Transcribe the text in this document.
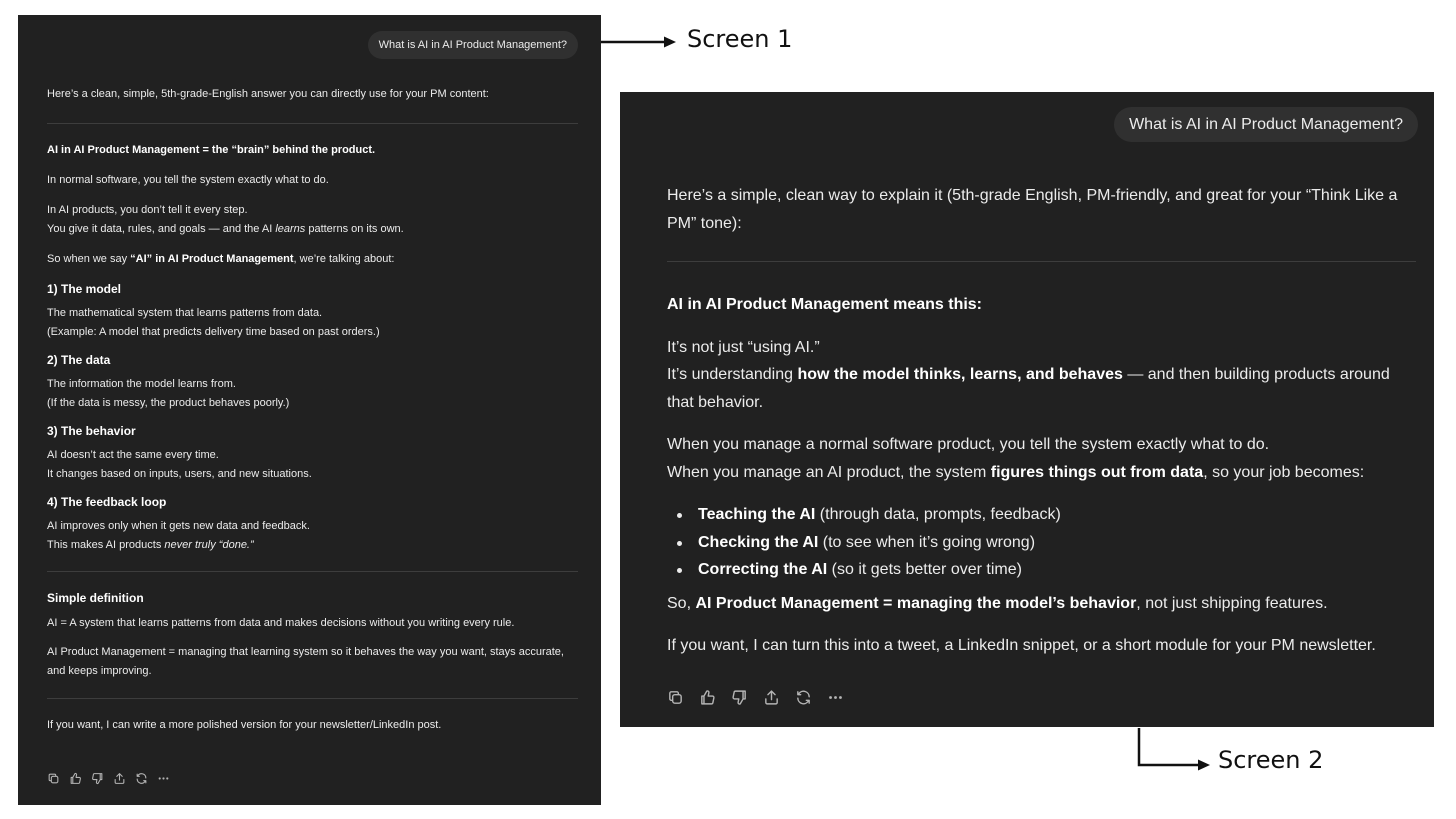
What is AI in AI Product Management?

Here’s a clean, simple, 5th-grade-English answer you can directly use for your PM content:

AI in AI Product Management = the “brain” behind the product.

In normal software, you tell the system exactly what to do.

In AI products, you don’t tell it every step.
You give it data, rules, and goals — and the AI learns patterns on its own.

So when we say “AI” in AI Product Management, we’re talking about:

1) The model

The mathematical system that learns patterns from data.

(Example: A model that predicts delivery time based on past orders.)

2) The data

The information the model learns from.

(If the data is messy, the product behaves poorly.)

3) The behavior

AI doesn’t act the same every time.

It changes based on inputs, users, and new situations.

4) The feedback loop

AI improves only when it gets new data and feedback.

This makes AI products never truly “done.”

Simple definition

AI = A system that learns patterns from data and makes decisions without you writing every rule.

AI Product Management = managing that learning system so it behaves the way you want, stays accurate, and keeps improving.

If you want, I can write a more polished version for your newsletter/LinkedIn post.

What is AI in AI Product Management?

Here’s a simple, clean way to explain it (5th-grade English, PM-friendly, and great for your “Think Like a PM” tone):

AI in AI Product Management means this:

It’s not just “using AI.”
It’s understanding how the model thinks, learns, and behaves — and then building products around that behavior.

When you manage a normal software product, you tell the system exactly what to do.
When you manage an AI product, the system figures things out from data, so your job becomes:

Teaching the AI (through data, prompts, feedback)
Checking the AI (to see when it’s going wrong)
Correcting the AI (so it gets better over time)

So, AI Product Management = managing the model’s behavior, not just shipping features.

If you want, I can turn this into a tweet, a LinkedIn snippet, or a short module for your PM newsletter.

Screen 1
Screen 2
